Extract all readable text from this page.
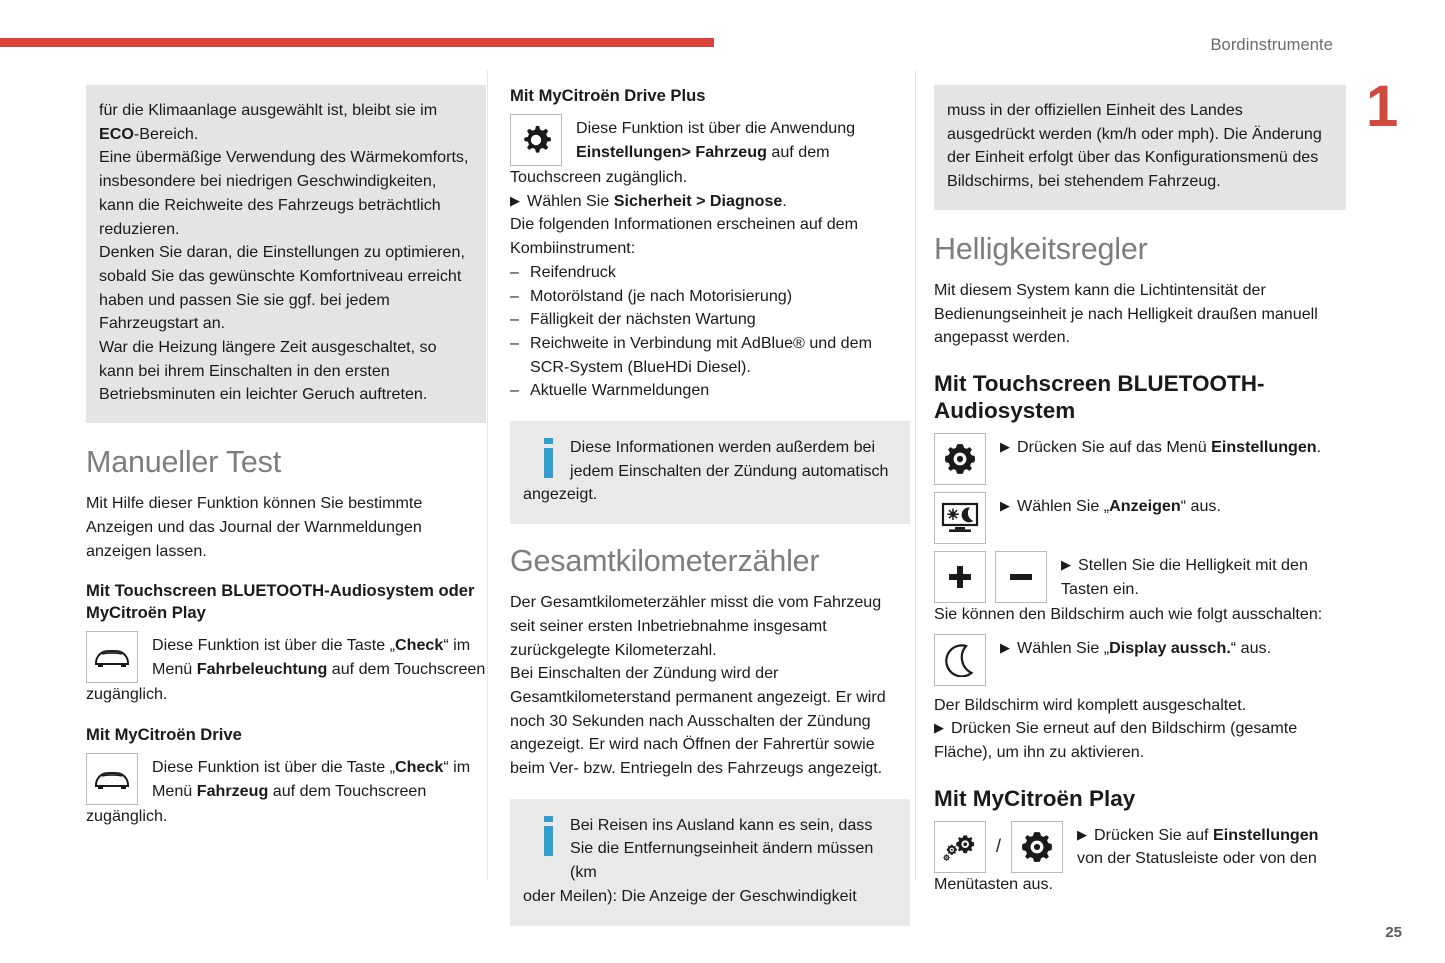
Bordinstrumente
1
25

für die Klimaanlage ausgewählt ist, bleibt sie im
ECO-Bereich.

Eine übermäßige Verwendung des Wärmekomforts, insbesondere bei niedrigen Geschwindigkeiten, kann die Reichweite des Fahrzeugs beträchtlich reduzieren.

Denken Sie daran, die Einstellungen zu optimieren, sobald Sie das gewünschte Komfortniveau erreicht haben und passen Sie sie ggf. bei jedem Fahrzeugstart an.

War die Heizung längere Zeit ausgeschaltet, so kann bei ihrem Einschalten in den ersten Betriebsminuten ein leichter Geruch auftreten.

Manueller Test

Mit Hilfe dieser Funktion können Sie bestimmte Anzeigen und das Journal der Warnmeldungen anzeigen lassen.

Mit Touchscreen BLUETOOTH-Audiosystem oder MyCitroën Play
Diese Funktion ist über die Taste „Check“ im Menü Fahrbeleuchtung auf dem Touchscreen

zugänglich.

Mit MyCitroën Drive
Diese Funktion ist über die Taste „Check“ im Menü Fahrzeug auf dem Touchscreen

zugänglich.

Mit MyCitroën Drive Plus
Diese Funktion ist über die Anwendung
Einstellungen> Fahrzeug auf dem

Touchscreen zugänglich.

▶ Wählen Sie Sicherheit > Diagnose.

Die folgenden Informationen erscheinen auf dem Kombiinstrument:

– Reifendruck
– Motorölstand (je nach Motorisierung)
– Fälligkeit der nächsten Wartung
– Reichweite in Verbindung mit AdBlue® und dem SCR-System (BlueHDi Diesel).
– Aktuelle Warnmeldungen

Diese Informationen werden außerdem bei jedem Einschalten der Zündung automatisch

angezeigt.

Gesamtkilometerzähler

Der Gesamtkilometerzähler misst die vom Fahrzeug seit seiner ersten Inbetriebnahme insgesamt zurückgelegte Kilometerzahl.

Bei Einschalten der Zündung wird der Gesamtkilometerstand permanent angezeigt. Er wird noch 30 Sekunden nach Ausschalten der Zündung angezeigt. Er wird nach Öffnen der Fahrertür sowie beim Ver- bzw. Entriegeln des Fahrzeugs angezeigt.

Bei Reisen ins Ausland kann es sein, dass Sie die Entfernungseinheit ändern müssen (km

oder Meilen): Die Anzeige der Geschwindigkeit

muss in der offiziellen Einheit des Landes ausgedrückt werden (km/h oder mph). Die Änderung der Einheit erfolgt über das Konfigurationsmenü des Bildschirms, bei stehendem Fahrzeug.

Helligkeitsregler

Mit diesem System kann die Lichtintensität der Bedienungseinheit je nach Helligkeit draußen manuell angepasst werden.

Mit Touchscreen BLUETOOTH-Audiosystem
▶ Drücken Sie auf das Menü Einstellungen.
▶ Wählen Sie „Anzeigen“ aus.
▶ Stellen Sie die Helligkeit mit den Tasten ein.

Sie können den Bildschirm auch wie folgt ausschalten:

▶ Wählen Sie „Display aussch.“ aus.

Der Bildschirm wird komplett ausgeschaltet.

▶ Drücken Sie erneut auf den Bildschirm (gesamte Fläche), um ihn zu aktivieren.

Mit MyCitroën Play
/
▶ Drücken Sie auf Einstellungen
von der Statusleiste oder von den

Menütasten aus.
